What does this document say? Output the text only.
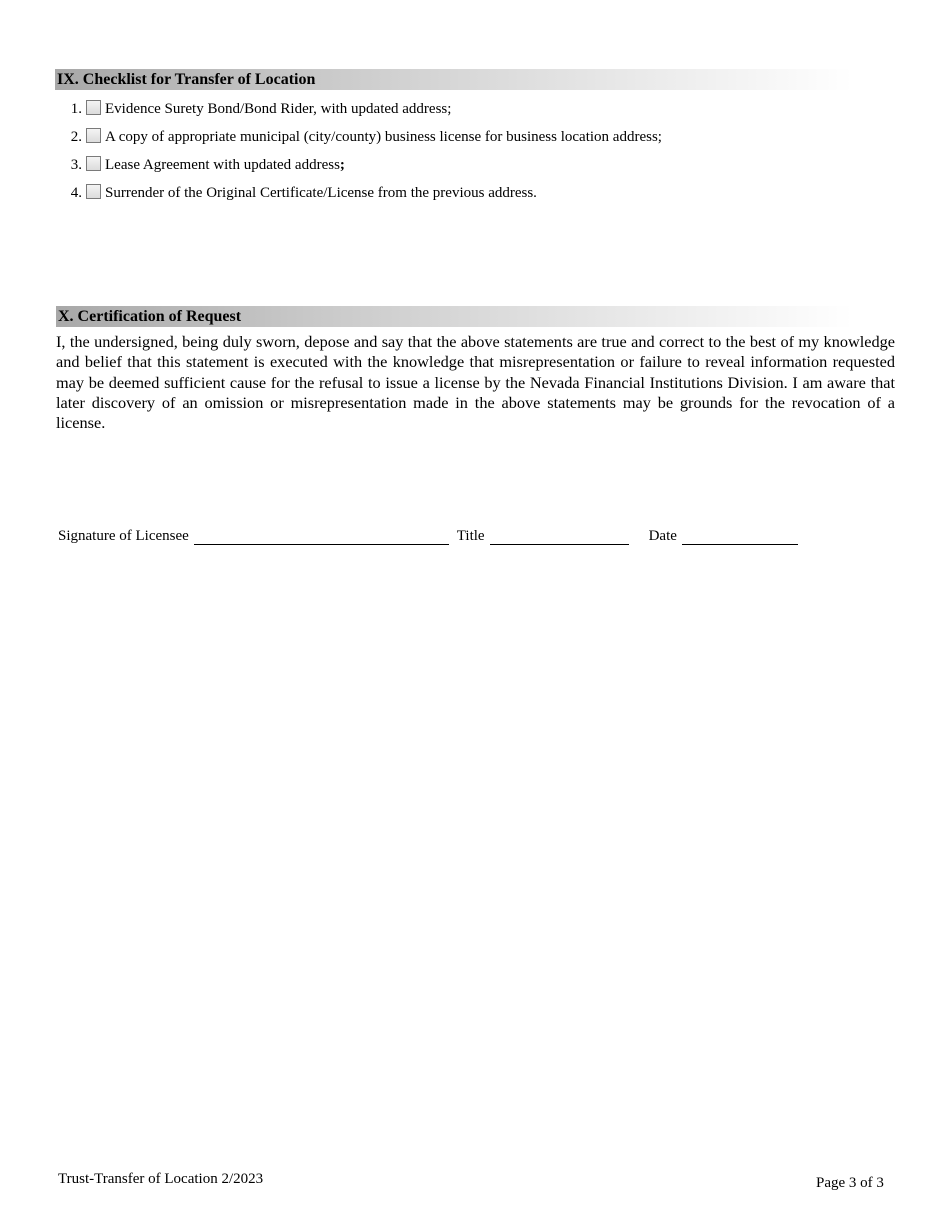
IX. Checklist for Transfer of Location
1. Evidence Surety Bond/Bond Rider, with updated address;
2. A copy of appropriate municipal (city/county) business license for business location address;
3. Lease Agreement with updated address ;
4. Surrender of the Original Certificate/License from the previous address.
X. Certification of Request

I, the undersigned, being duly sworn, depose and say that the above statements are true and correct to the best of my knowledge and belief that this statement is executed with the knowledge that misrepresentation or failure to reveal information requested may be deemed sufficient cause for the refusal to issue a license by the Nevada Financial Institutions Division. I am aware that later discovery of an omission or misrepresentation made in the above statements may be grounds for the revocation of a license.

Signature of Licensee	Title	Date
Trust-Transfer of Location 2/2023	Page 3 of 3
